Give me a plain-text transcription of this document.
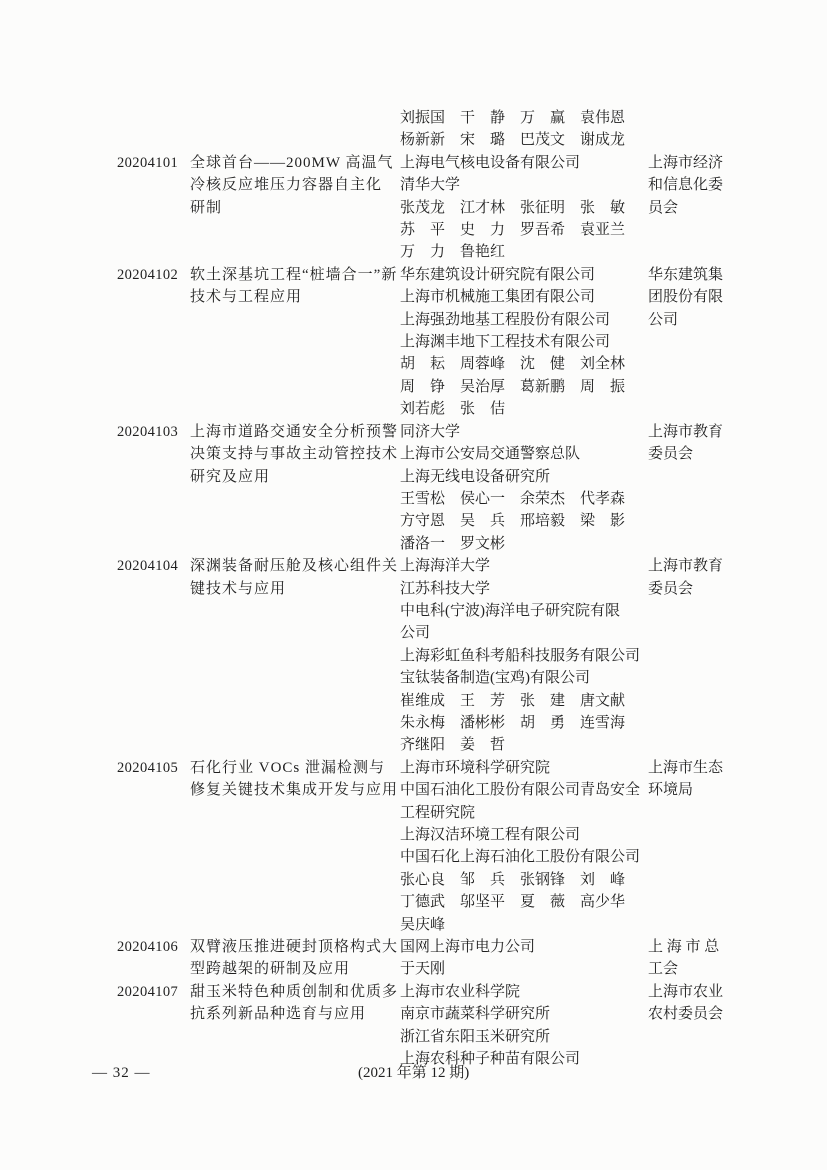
刘振国　干　静　万　赢　袁伟恩
杨新新　宋　璐　巴茂文　谢成龙
20204101 全球首台——200MW 高温气
冷核反应堆压力容器自主化
研制
上海电气核电设备有限公司
清华大学
张茂龙　江才林　张征明　张　敏
苏　平　史　力　罗吾希　袁亚兰
万　力　鲁艳红
上海市经济
和信息化委
员会
20204102 软土深基坑工程“桩墙合一”新
技术与工程应用
华东建筑设计研究院有限公司
上海市机械施工集团有限公司
上海强劲地基工程股份有限公司
上海渊丰地下工程技术有限公司
胡　耘　周蓉峰　沈　健　刘全林
周　铮　吴治厚　葛新鹏　周　振
刘若彪　张　佶
华东建筑集
团股份有限
公司
20204103 上海市道路交通安全分析预警
决策支持与事故主动管控技术
研究及应用
同济大学
上海市公安局交通警察总队
上海无线电设备研究所
王雪松　侯心一　余荣杰　代孝森
方守恩　吴　兵　邢培毅　梁　影
潘洛一　罗文彬
上海市教育
委员会
20204104 深渊装备耐压舱及核心组件关
键技术与应用
上海海洋大学
江苏科技大学
中电科(宁波)海洋电子研究院有限
公司
上海彩虹鱼科考船科技服务有限公司
宝钛装备制造(宝鸡)有限公司
崔维成　王　芳　张　建　唐文献
朱永梅　潘彬彬　胡　勇　连雪海
齐继阳　姜　哲
上海市教育
委员会
20204105 石化行业 VOCs 泄漏检测与
修复关键技术集成开发与应用
上海市环境科学研究院
中国石油化工股份有限公司青岛安全
工程研究院
上海汉洁环境工程有限公司
中国石化上海石油化工股份有限公司
张心良　邹　兵　张钢锋　刘　峰
丁德武　邬坚平　夏　薇　高少华
吴庆峰
上海市生态
环境局
20204106 双臂液压推进硬封顶格构式大
型跨越架的研制及应用
国网上海市电力公司
于天刚
上 海 市 总
工会
20204107 甜玉米特色种质创制和优质多
抗系列新品种选育与应用
上海市农业科学院
南京市蔬菜科学研究所
浙江省东阳玉米研究所
上海农科种子种苗有限公司
上海市农业
农村委员会
— 32 —	(2021 年第 12 期)
